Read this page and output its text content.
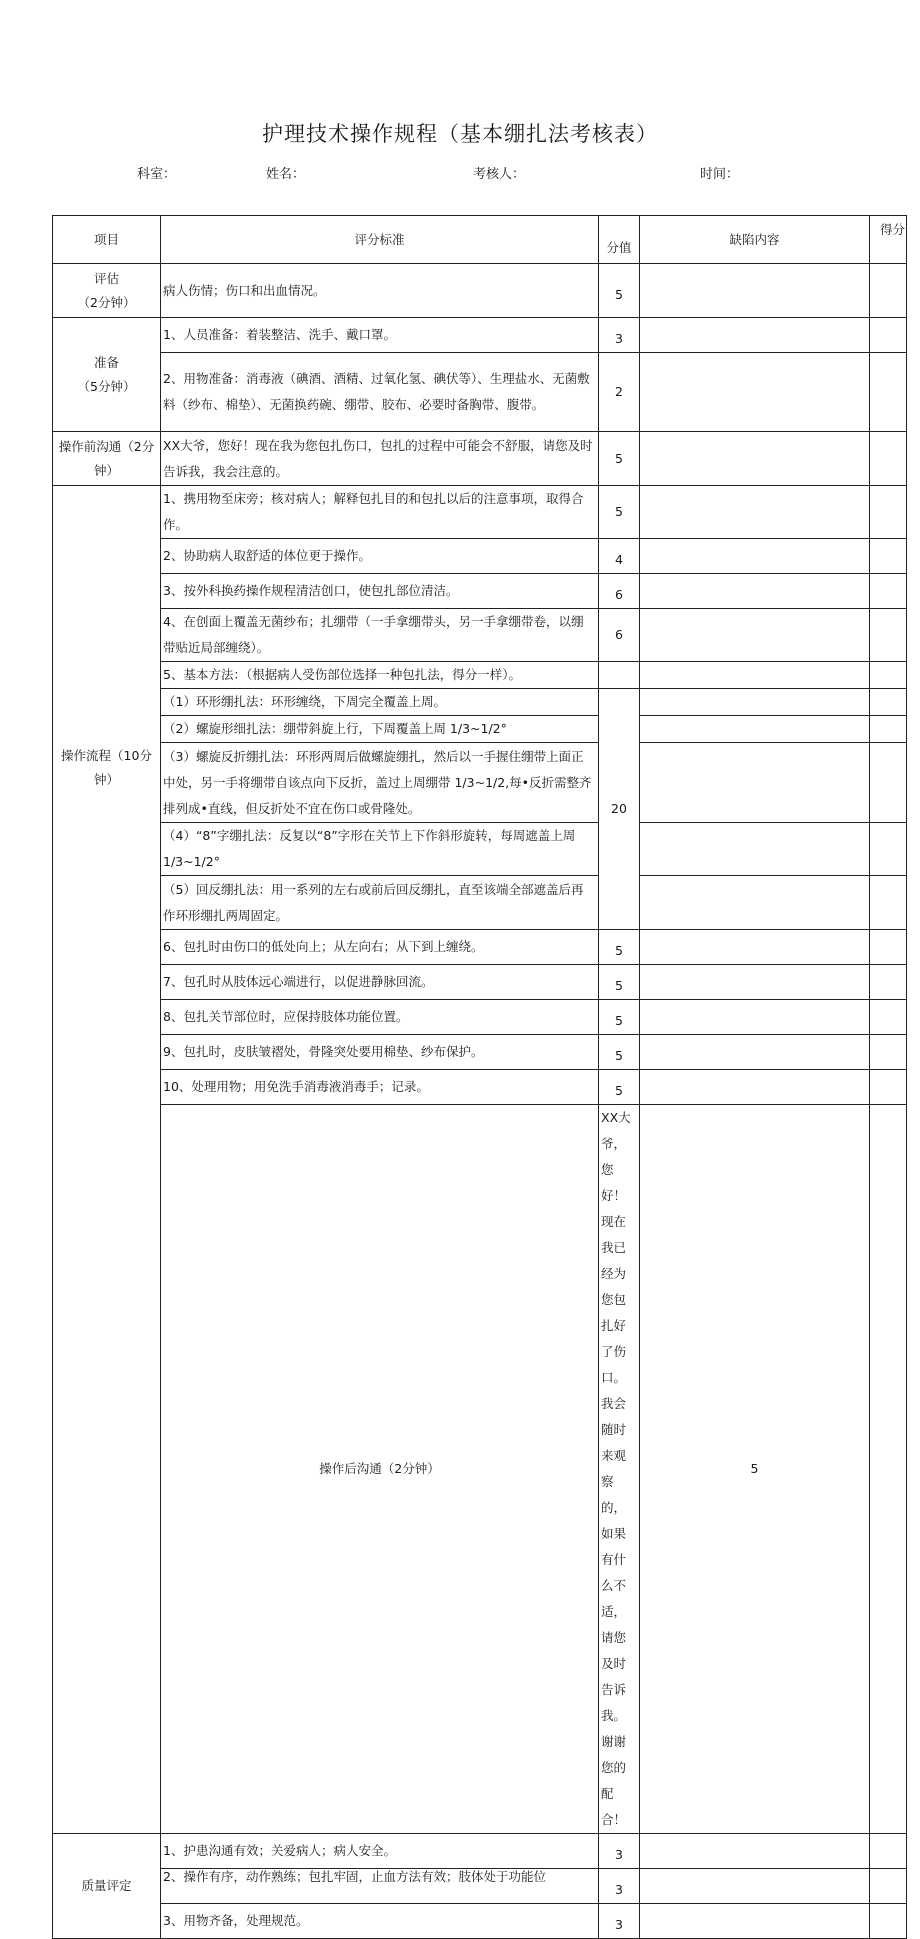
护理技术操作规程（基本绷扎法考核表）
科室：	姓名：	考核人：	时间：
项目	评分标准	分值	缺陷内容	得分	

评估
（2分钟）	病人伤情；伤口和出血情况。	5			

准备
（5分钟）	1、人员准备：着装整洁、洗手、戴口罩。	3			
	2、用物准备：消毒液（碘酒、酒精、过氧化氢、碘伏等）、生理盐水、无菌敷料（纱布、棉垫）、无菌换药碗、绷带、胶布、必要时备胸带、腹带。	2			
操作前沟通（2分钟）	XX大爷，您好！现在我为您包扎伤口，包扎的过程中可能会不舒服，请您及时告诉我，我会注意的。	5			
操作流程（10分钟）	1、携用物至床旁；核对病人；解释包扎目的和包扎以后的注意事项，取得合作。	5			
	2、协助病人取舒适的体位更于操作。	4			
	3、按外科换药操作规程清洁创口，使包扎部位清洁。	6			
	4、在创面上覆盖无菌纱布；扎绷带（一手拿绷带头，另一手拿绷带卷，以绷带贴近局部缠绕）。	6			
	5、基本方法：（根据病人受伤部位选择一种包扎法，得分一样）。				
	（1）环形绷扎法：环形缠绕，下周完全覆盖上周。	20			
	（2）螺旋形细扎法：绷带斜旋上行，下周覆盖上周 1/3~1/2°				
	（3）螺旋反折绷扎法：环形两周后做螺旋绷扎，然后以一手握住绷带上面正中处，另一手将绷带自该点向下反折，盖过上周绷带 1/3~1/2,每•反折需整齐排列成•直线，但反折处不宜在伤口或骨隆处。				
	（4）“8”字绷扎法：反复以“8”字形在关节上下作斜形旋转，每周遮盖上周 1/3~1/2°				
	（5）回反绷扎法：用一系列的左右或前后回反绷扎，直至该端全部遮盖后再作环形绷扎两周固定。				
	6、包扎时由伤口的低处向上；从左向右；从下到上缠绕。	5			
	7、包孔时从肢体远心端进行，以促进静脉回流。	5			
	8、包扎关节部位时，应保持肢体功能位置。	5			
	9、包扎时，皮肤皱褶处，骨隆突处要用棉垫、纱布保护。	5			
	10、处理用物；用免洗手消毒液消毒手；记录。	5			
	操作后沟通（2分钟）	XX大爷，您好！现在我已经为您包扎好了伤口。我会随时来观察的，如果有什么不适，请您及时告诉我。谢谢您的配合！	5		
质量评定	1、护患沟通有效；关爱病人；病人安全。	3			
	2、操作有序，动作熟练；包扎牢固，止血方法有效；肢体处于功能位	3			
	3、用物齐备，处理规范。	3			
